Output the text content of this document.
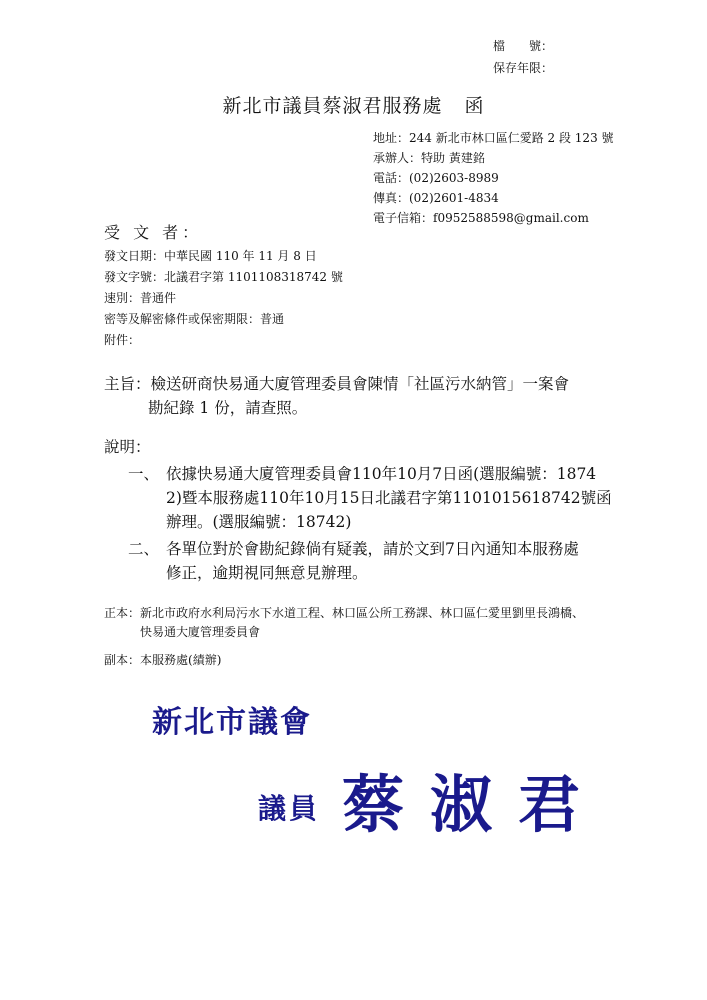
檔　　號：
保存年限：
新北市議員蔡淑君服務處 函
地址：244 新北市林口區仁愛路 2 段 123 號
承辦人：特助 黃建銘
電話：(02)2603-8989
傳真：(02)2601-4834
電子信箱：f0952588598@gmail.com
受 文 者：
發文日期：中華民國 110 年 11 月 8 日
發文字號：北議君字第 1101108318742 號
速別：普通件
密等及解密條件或保密期限：普通
附件：
主旨：檢送研商快易通大廈管理委員會陳情「社區污水納管」一案會
勘紀錄 1 份，請查照。
說明：
一、 依據快易通大廈管理委員會110年10月7日函(選服編號：1874
2)暨本服務處110年10月15日北議君字第1101015618742號函
辦理。(選服編號：18742)
二、 各單位對於會勘紀錄倘有疑義，請於文到7日內通知本服務處
修正，逾期視同無意見辦理。
正本：新北市政府水利局污水下水道工程、林口區公所工務課、林口區仁愛里劉里長鴻橋、
快易通大廈管理委員會
副本：本服務處(績辦)
新北市議會
議員 蔡淑君
